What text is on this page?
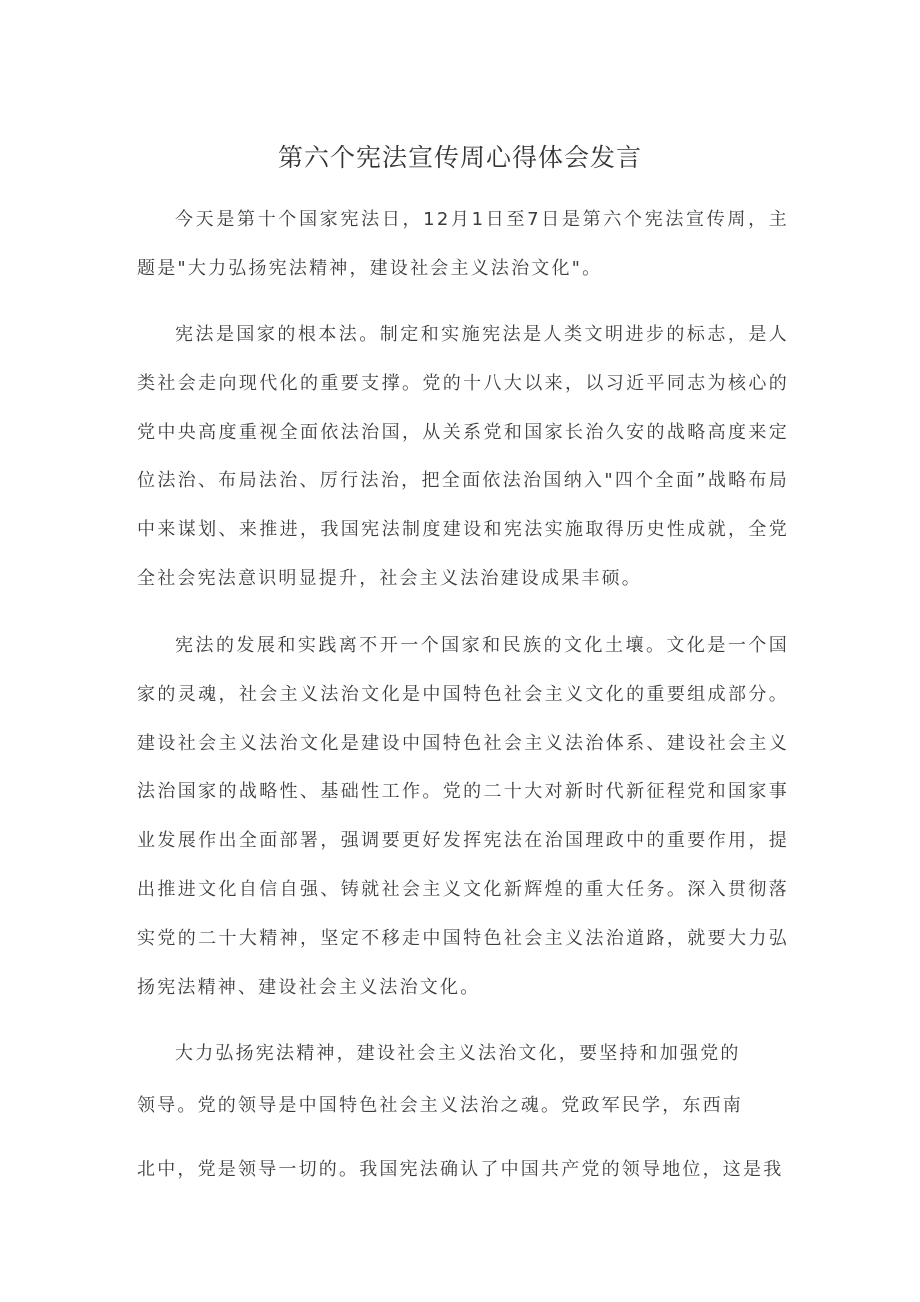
第六个宪法宣传周心得体会发言

今天是第十个国家宪法日，12月1日至7日是第六个宪法宣传周，主题是"大力弘扬宪法精神，建设社会主义法治文化"。

宪法是国家的根本法。制定和实施宪法是人类文明进步的标志，是人类社会走向现代化的重要支撑。党的十八大以来，以习近平同志为核心的党中央高度重视全面依法治国，从关系党和国家长治久安的战略高度来定位法治、布局法治、厉行法治，把全面依法治国纳入"四个全面”战略布局中来谋划、来推进，我国宪法制度建设和宪法实施取得历史性成就，全党全社会宪法意识明显提升，社会主义法治建设成果丰硕。

宪法的发展和实践离不开一个国家和民族的文化土壤。文化是一个国家的灵魂，社会主义法治文化是中国特色社会主义文化的重要组成部分。建设社会主义法治文化是建设中国特色社会主义法治体系、建设社会主义法治国家的战略性、基础性工作。党的二十大对新时代新征程党和国家事业发展作出全面部署，强调要更好发挥宪法在治国理政中的重要作用，提出推进文化自信自强、铸就社会主义文化新辉煌的重大任务。深入贯彻落实党的二十大精神，坚定不移走中国特色社会主义法治道路，就要大力弘扬宪法精神、建设社会主义法治文化。

大力弘扬宪法精神，建设社会主义法治文化，要坚持和加强党的

领导。党的领导是中国特色社会主义法治之魂。党政军民学，东西南

北中，党是领导一切的。我国宪法确认了中国共产党的领导地位，这是我
